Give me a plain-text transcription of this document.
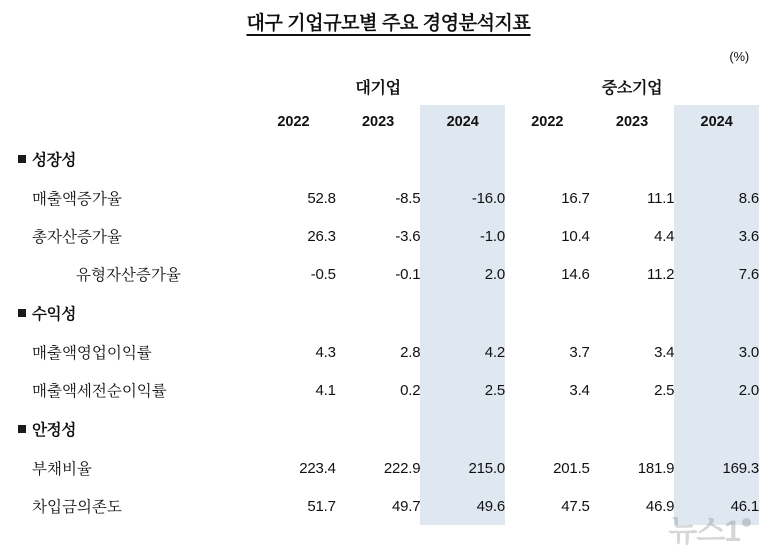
대구 기업규모별 주요 경영분석지표
(%)
	대기업			중소기업		
	2022	2023	2024	2022	2023	2024
성장성						

매출액증가율	52.8	-8.5	-16.0	16.7	11.1	8.6

총자산증가율	26.3	-3.6	-1.0	10.4	4.4	3.6

유형자산증가율	-0.5	-0.1	2.0	14.6	11.2	7.6
수익성						

매출액영업이익률	4.3	2.8	4.2	3.7	3.4	3.0

매출액세전순이익률	4.1	0.2	2.5	3.4	2.5	2.0
안정성						

부채비율	223.4	222.9	215.0	201.5	181.9	169.3

차입금의존도	51.7	49.7	49.6	47.5	46.9	46.1
뉴스1
